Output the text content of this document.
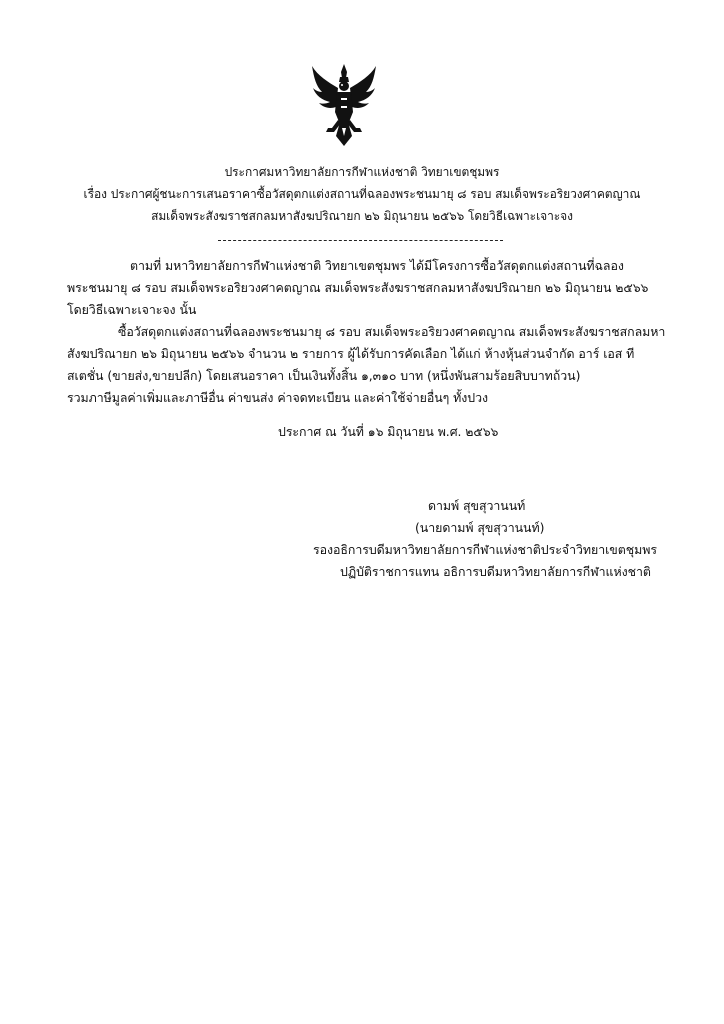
ประกาศมหาวิทยาลัยการกีฬาแห่งชาติ วิทยาเขตชุมพร
เรื่อง ประกาศผู้ชนะการเสนอราคาซื้อวัสดุตกแต่งสถานที่ฉลองพระชนมายุ ๘ รอบ สมเด็จพระอริยวงศาคตญาณ
สมเด็จพระสังฆราชสกลมหาสังฆปริณายก ๒๖ มิถุนายน ๒๕๖๖ โดยวิธีเฉพาะเจาะจง
ตามที่ มหาวิทยาลัยการกีฬาแห่งชาติ วิทยาเขตชุมพร ได้มีโครงการซื้อวัสดุตกแต่งสถานที่ฉลอง
พระชนมายุ ๘ รอบ สมเด็จพระอริยวงศาคตญาณ สมเด็จพระสังฆราชสกลมหาสังฆปริณายก ๒๖ มิถุนายน ๒๕๖๖
โดยวิธีเฉพาะเจาะจง นั้น
ซื้อวัสดุตกแต่งสถานที่ฉลองพระชนมายุ ๘ รอบ สมเด็จพระอริยวงศาคตญาณ สมเด็จพระสังฆราชสกลมหา
สังฆปริณายก ๒๖ มิถุนายน ๒๕๖๖ จำนวน ๒ รายการ ผู้ได้รับการคัดเลือก ได้แก่ ห้างหุ้นส่วนจำกัด อาร์ เอส ที
สเตชั่น (ขายส่ง,ขายปลีก) โดยเสนอราคา เป็นเงินทั้งสิ้น ๑,๓๑๐ บาท (หนึ่งพันสามร้อยสิบบาทถ้วน)
รวมภาษีมูลค่าเพิ่มและภาษีอื่น ค่าขนส่ง ค่าจดทะเบียน และค่าใช้จ่ายอื่นๆ ทั้งปวง
ประกาศ ณ วันที่ ๑๖ มิถุนายน พ.ศ. ๒๕๖๖
ดามพ์ สุขสุวานนท์
(นายดามพ์ สุขสุวานนท์)
รองอธิการบดีมหาวิทยาลัยการกีฬาแห่งชาติประจำวิทยาเขตชุมพร
ปฏิบัติราชการแทน อธิการบดีมหาวิทยาลัยการกีฬาแห่งชาติ
